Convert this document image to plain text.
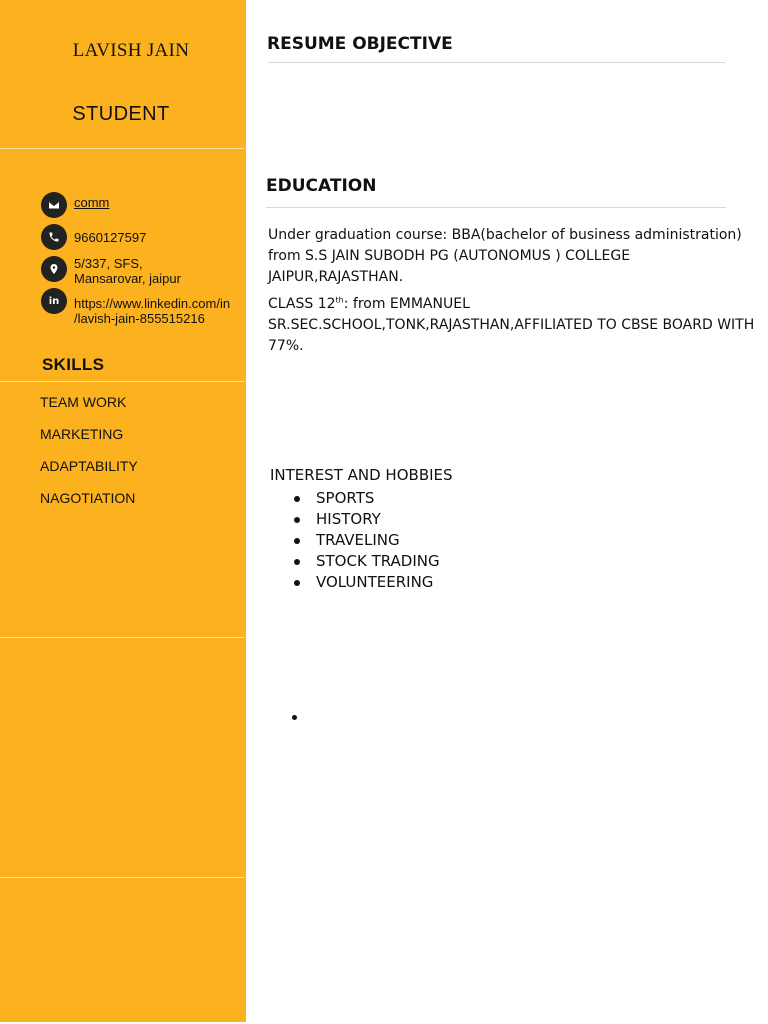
LAVISH JAIN
STUDENT
comm
9660127597
5/337, SFS,
Mansarovar, jaipur
in https://www.linkedin.com/in
/lavish-jain-855515216
SKILLS
TEAM WORK
MARKETING
ADAPTABILITY
NAGOTIATION
RESUME OBJECTIVE
EDUCATION
Under graduation course: BBA(bachelor of business administration) from S.S JAIN SUBODH PG (AUTONOMUS ) COLLEGE JAIPUR,RAJASTHAN.
CLASS 12th: from EMMANUEL SR.SEC.SCHOOL,TONK,RAJASTHAN,AFFILIATED TO CBSE BOARD WITH 77%.
INTEREST AND HOBBIES
SPORTS
HISTORY
TRAVELING
STOCK TRADING
VOLUNTEERING
